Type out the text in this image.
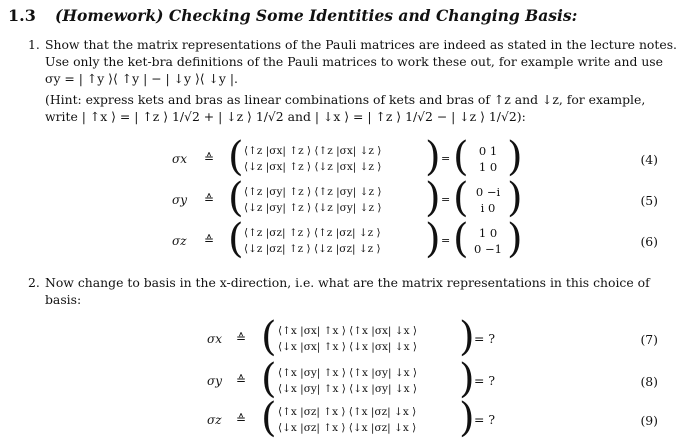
1.3 (Homework) Checking Some Identities and Changing Basis:
1. Show that the matrix representations of the Pauli matrices are indeed as stated in the lecture notes.
Use only the ket-bra definitions of the Pauli matrices to work these out, for example write and use
σy = | ↑y ⟩⟨ ↑y | − | ↓y ⟩⟨ ↓y |.
(Hint: express kets and bras as linear combinations of kets and bras of ↑z and ↓z, for example,
write | ↑x ⟩ = | ↑z ⟩ 1/√2 + | ↓z ⟩ 1/√2 and | ↓x ⟩ = | ↑z ⟩ 1/√2 − | ↓z ⟩ 1/√2):
σx ≙ ( ⟨↑z |σx| ↑z ⟩ ⟨↑z |σx| ↓z ⟩
⟨↓z |σx| ↑z ⟩ ⟨↓z |σx| ↓z ⟩ ) = ( 0 1
1 0 )	(4)
σy ≙ ( ⟨↑z |σy| ↑z ⟩ ⟨↑z |σy| ↓z ⟩
⟨↓z |σy| ↑z ⟩ ⟨↓z |σy| ↓z ⟩ ) = ( 0 −i
i 0 )	(5)
σz ≙ ( ⟨↑z |σz| ↑z ⟩ ⟨↑z |σz| ↓z ⟩
⟨↓z |σz| ↑z ⟩ ⟨↓z |σz| ↓z ⟩ ) = ( 1 0
0 −1 )	(6)
2. Now change to basis in the x-direction, i.e. what are the matrix representations in this choice of
basis:
σx ≙ ( ⟨↑x |σx| ↑x ⟩ ⟨↑x |σx| ↓x ⟩
⟨↓x |σx| ↑x ⟩ ⟨↓x |σx| ↓x ⟩ ) = ?	(7)
σy ≙ ( ⟨↑x |σy| ↑x ⟩ ⟨↑x |σy| ↓x ⟩
⟨↓x |σy| ↑x ⟩ ⟨↓x |σy| ↓x ⟩ ) = ?	(8)
σz ≙ ( ⟨↑x |σz| ↑x ⟩ ⟨↑x |σz| ↓x ⟩
⟨↓x |σz| ↑x ⟩ ⟨↓x |σz| ↓x ⟩ ) = ?	(9)
